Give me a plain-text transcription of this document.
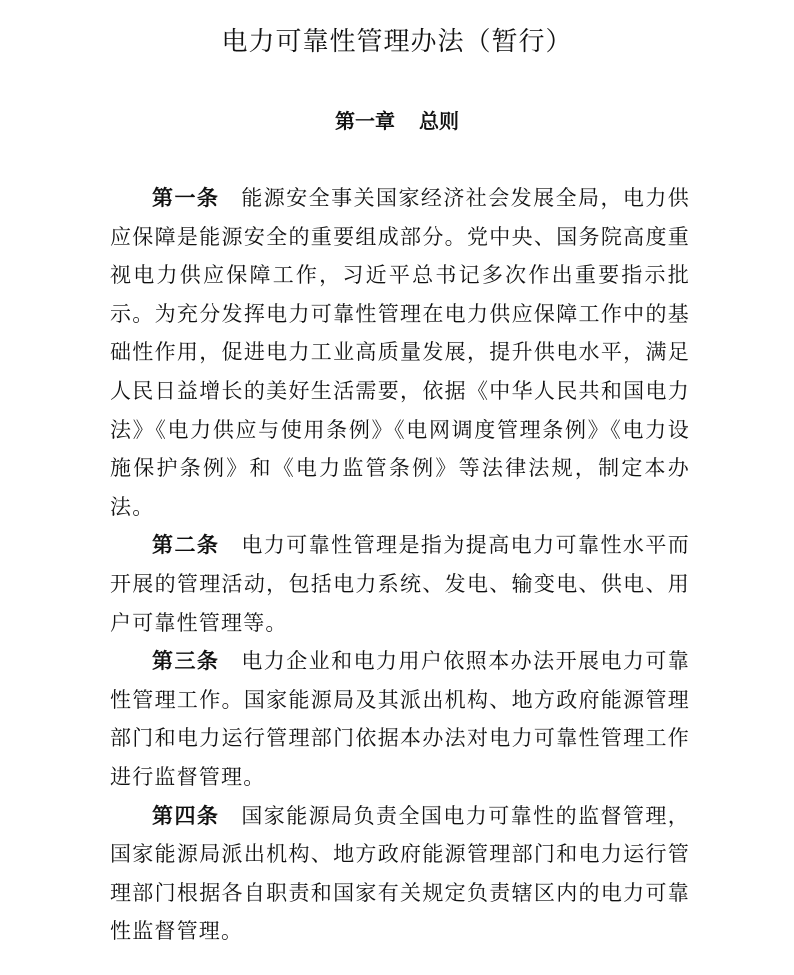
电力可靠性管理办法（暂行）
第一章 总则

第一条 能源安全事关国家经济社会发展全局，电力供应保障是能源安全的重要组成部分。党中央、国务院高度重视电力供应保障工作，习近平总书记多次作出重要指示批示。为充分发挥电力可靠性管理在电力供应保障工作中的基础性作用，促进电力工业高质量发展，提升供电水平，满足人民日益增长的美好生活需要，依据《中华人民共和国电力法》《电力供应与使用条例》《电网调度管理条例》《电力设施保护条例》和《电力监管条例》等法律法规，制定本办法。

第二条 电力可靠性管理是指为提高电力可靠性水平而开展的管理活动，包括电力系统、发电、输变电、供电、用户可靠性管理等。

第三条 电力企业和电力用户依照本办法开展电力可靠性管理工作。国家能源局及其派出机构、地方政府能源管理部门和电力运行管理部门依据本办法对电力可靠性管理工作进行监督管理。

第四条 国家能源局负责全国电力可靠性的监督管理，国家能源局派出机构、地方政府能源管理部门和电力运行管理部门根据各自职责和国家有关规定负责辖区内的电力可靠性监督管理。
